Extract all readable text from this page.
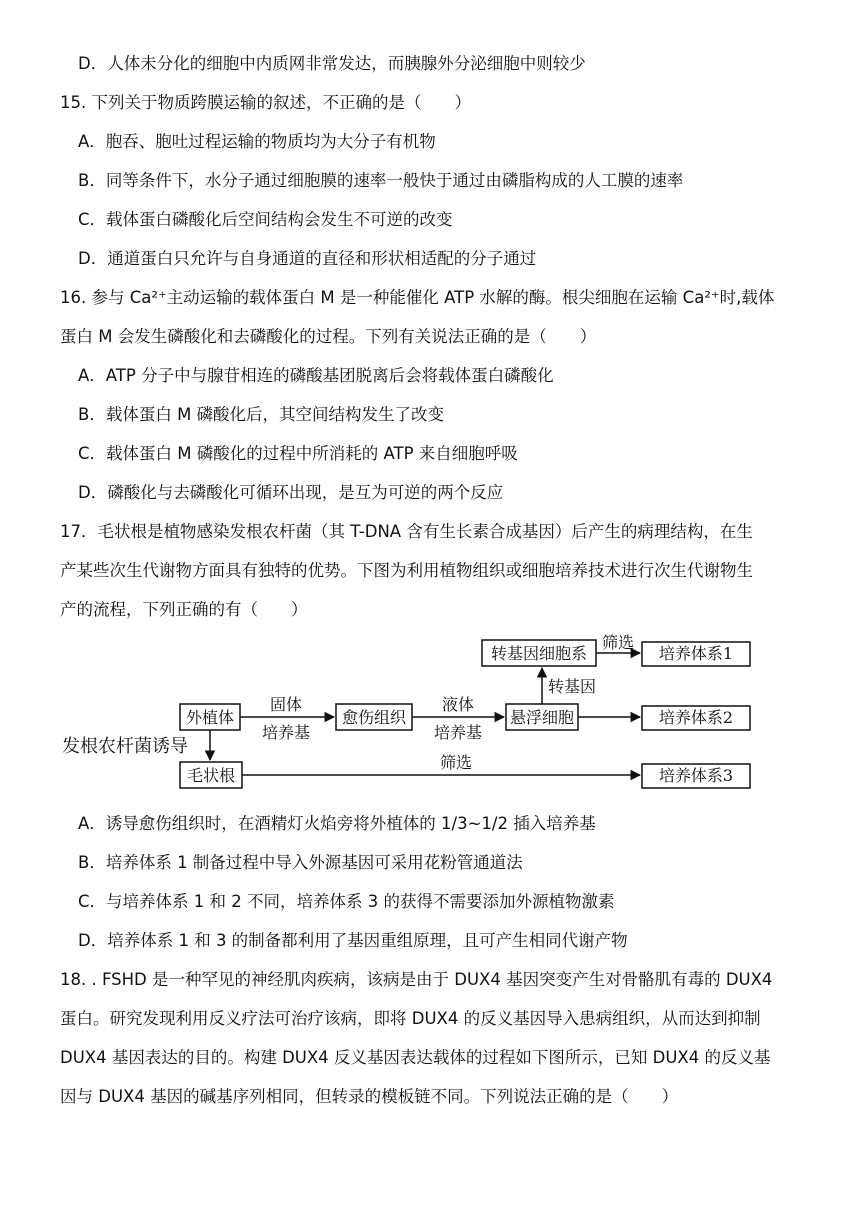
D．人体未分化的细胞中内质网非常发达，而胰腺外分泌细胞中则较少
15. 下列关于物质跨膜运输的叙述，不正确的是（　　）
A．胞吞、胞吐过程运输的物质均为大分子有机物
B．同等条件下，水分子通过细胞膜的速率一般快于通过由磷脂构成的人工膜的速率
C．载体蛋白磷酸化后空间结构会发生不可逆的改变
D．通道蛋白只允许与自身通道的直径和形状相适配的分子通过
16. 参与 Ca²⁺主动运输的载体蛋白 M 是一种能催化 ATP 水解的酶。根尖细胞在运输 Ca²⁺时,载体
蛋白 M 会发生磷酸化和去磷酸化的过程。下列有关说法正确的是（　　）
A．ATP 分子中与腺苷相连的磷酸基团脱离后会将载体蛋白磷酸化
B．载体蛋白 M 磷酸化后，其空间结构发生了改变
C．载体蛋白 M 磷酸化的过程中所消耗的 ATP 来自细胞呼吸
D．磷酸化与去磷酸化可循环出现，是互为可逆的两个反应
17．毛状根是植物感染发根农杆菌（其 T-DNA 含有生长素合成基因）后产生的病理结构，在生
产某些次生代谢物方面具有独特的优势。下图为利用植物组织或细胞培养技术进行次生代谢物生
产的流程，下列正确的有（　　）
发根农杆菌诱导
外植体
固体
培养基
愈伤组织
液体
培养基
悬浮细胞
转基因
转基因细胞系
筛选
培养体系1
培养体系2
毛状根
筛选
培养体系3
A．诱导愈伤组织时，在酒精灯火焰旁将外植体的 1/3~1/2 插入培养基
B．培养体系 1 制备过程中导入外源基因可采用花粉管通道法
C．与培养体系 1 和 2 不同，培养体系 3 的获得不需要添加外源植物激素
D．培养体系 1 和 3 的制备都利用了基因重组原理，且可产生相同代谢产物
18. . FSHD 是一种罕见的神经肌肉疾病，该病是由于 DUX4 基因突变产生对骨骼肌有毒的 DUX4
蛋白。研究发现利用反义疗法可治疗该病，即将 DUX4 的反义基因导入患病组织，从而达到抑制
DUX4 基因表达的目的。构建 DUX4 反义基因表达载体的过程如下图所示，已知 DUX4 的反义基
因与 DUX4 基因的碱基序列相同，但转录的模板链不同。下列说法正确的是（　　）
